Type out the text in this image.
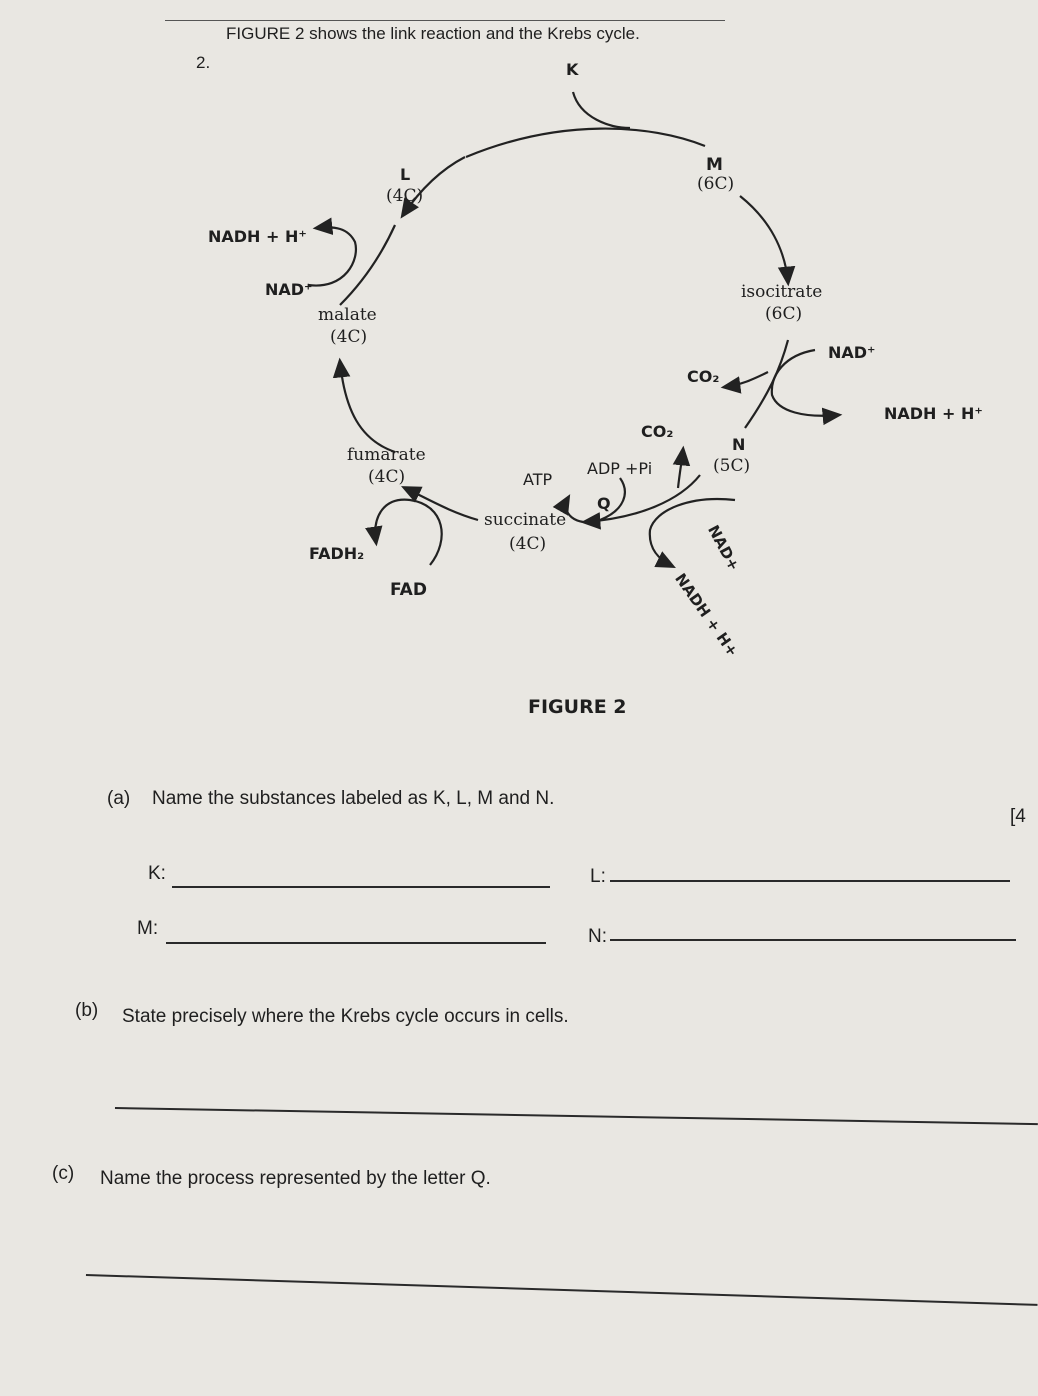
2.
FIGURE 2 shows the link reaction and the Krebs cycle.
K
M
(6C)
L
(4C)
NADH + H⁺
NAD⁺
malate
(4C)
isocitrate
(6C)
NAD⁺
CO₂
NADH + H⁺
CO₂
N
(5C)
fumarate
(4C)	ATP
ADP +Pi
Q
succinate
(4C)
FADH₂
FAD
NAD+
NADH + H+
FIGURE 2
(a) Name the substances labeled as K, L, M and N.
[4
K:	L:
M:	N:
(b) State precisely where the Krebs cycle occurs in cells.
(c) Name the process represented by the letter Q.
